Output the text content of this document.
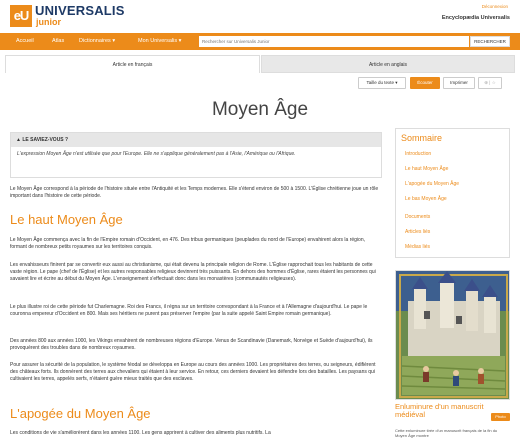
eU UNIVERSALIS
junior
Déconnexion
Encyclopædia Universalis
Accueil	Atlas	Dictionnaires ▾	Mon Universalis ▾
Rechercher sur Universalis Junior	RECHERCHER
Article en français	Article en anglais
Taille du texte ▾	Écouter	Imprimer	⊕ | ☆
Moyen Âge
▲ LE SAVIEZ-VOUS ?
L'expression Moyen Âge n'est utilisée que pour l'Europe. Elle ne s'applique généralement pas à l'Asie, l'Amérique ou l'Afrique.

Le Moyen Âge correspond à la période de l'histoire située entre l'Antiquité et les Temps modernes. Elle s'étend environ de 500 à 1500. L'Église chrétienne joue un rôle important dans l'histoire de cette période.

Le haut Moyen Âge

Le Moyen Âge commença avec la fin de l'Empire romain d'Occident, en 476. Des tribus germaniques (peuplades du nord de l'Europe) envahirent alors la région, formant de nombreux petits royaumes sur les territoires conquis.

Les envahisseurs finirent par se convertir eux aussi au christianisme, qui était devenu la principale religion de Rome. L'Église rapprochait tous les habitants de cette vaste région. Le pape (chef de l'Église) et les autres responsables religieux devinrent très puissants. En dehors des hommes d'Église, rares étaient les personnes qui savaient lire et écrire au début du Moyen Âge. L'enseignement s'effectuait donc dans les monastères (communautés religieuses).

Le plus illustre roi de cette période fut Charlemagne. Roi des Francs, il régna sur un territoire correspondant à la France et à l'Allemagne d'aujourd'hui. Le pape le couronna empereur d'Occident en 800. Mais ses héritiers ne purent pas préserver l'empire (par la suite appelé Saint Empire romain germanique).

Des années 800 aux années 1000, les Vikings envahirent de nombreuses régions d'Europe. Venus de Scandinavie (Danemark, Norvège et Suède d'aujourd'hui), ils provoquèrent des troubles dans de nombreux royaumes.

Pour assurer la sécurité de la population, le système féodal se développa en Europe au cours des années 1000. Les propriétaires des terres, ou seigneurs, édifièrent des châteaux forts. Ils donnèrent des terres aux chevaliers qui étaient à leur service. En retour, ces derniers devaient les défendre lors des batailles. Les paysans qui cultivaient les terres, appelés serfs, n'étaient guère mieux traités que des esclaves.

L'apogée du Moyen Âge

Les conditions de vie s'améliorèrent dans les années 1100. Les gens apprirent à cultiver des aliments plus nutritifs. La

Sommaire
Introduction
Le haut Moyen Âge
L'apogée du Moyen Âge
Le bas Moyen Âge
Documents
Articles liés
Médias liés
Enluminure d'un manuscrit médiéval	Photo
Cette enluminure tirée d'un manuscrit français de la fin du Moyen Âge montre
